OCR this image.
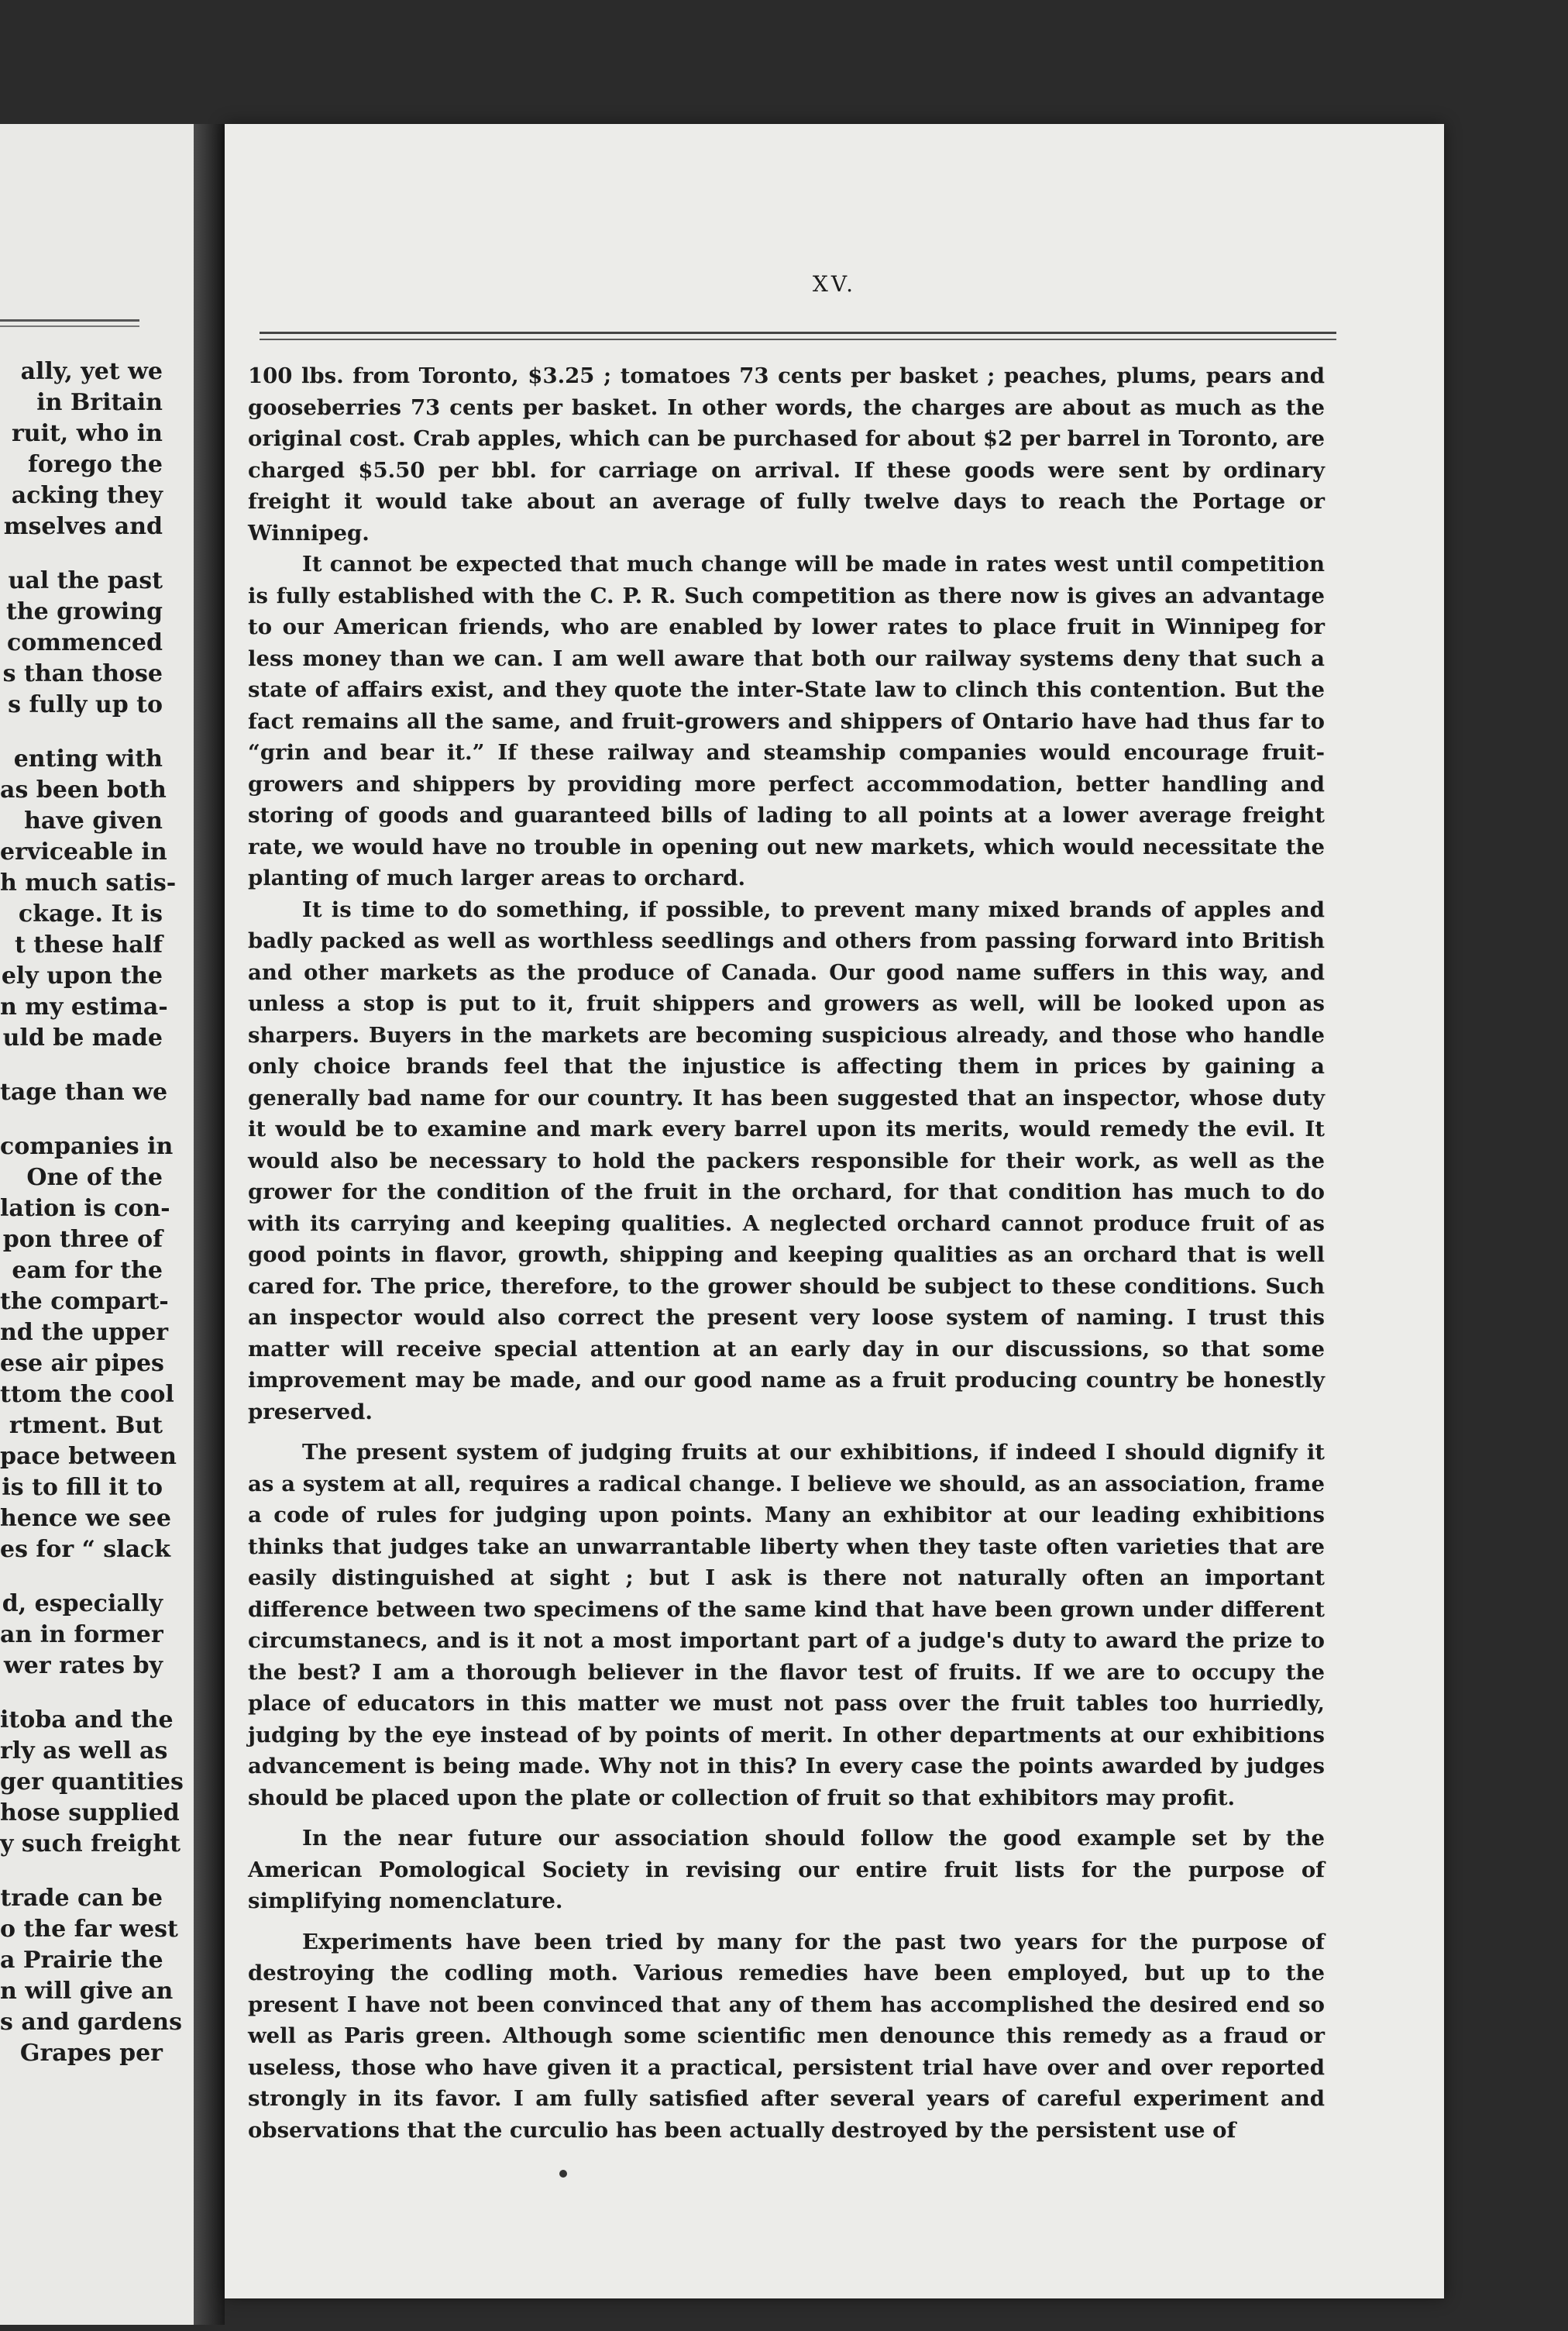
ally, yet we
in Britain
ruit, who in
forego the
acking they
mselves and
ual the past
the growing
commenced
s than those
s fully up to
enting with
as been both
have given
erviceable in
h much satis-
ckage. It is
t these half
ely upon the
n my estima-
uld be made
tage than we
companies in
One of the
lation is con-
pon three of
eam for the
the compart-
nd the upper
ese air pipes
ttom the cool
rtment. But
pace between
is to fill it to
hence we see
es for “ slack
d, especially
an in former
wer rates by
itoba and the
rly as well as
ger quantities
hose supplied
y such freight
trade can be
o the far west
a Prairie the
n will give an
s and gardens
Grapes per
XV.

100 lbs. from Toronto, $3.25 ; tomatoes 73 cents per basket ; peaches, plums, pears and gooseberries 73 cents per basket. In other words, the charges are about as much as the original cost. Crab apples, which can be purchased for about $2 per barrel in Toronto, are charged $5.50 per bbl. for carriage on arrival. If these goods were sent by ordinary freight it would take about an average of fully twelve days to reach the Portage or Winnipeg.

It cannot be expected that much change will be made in rates west until competition is fully established with the C. P. R. Such competition as there now is gives an advantage to our American friends, who are enabled by lower rates to place fruit in Winnipeg for less money than we can. I am well aware that both our railway systems deny that such a state of affairs exist, and they quote the inter-State law to clinch this contention. But the fact remains all the same, and fruit-growers and shippers of Ontario have had thus far to “grin and bear it.” If these railway and steamship companies would encourage fruit-growers and shippers by providing more perfect accommodation, better handling and storing of goods and guaranteed bills of lading to all points at a lower average freight rate, we would have no trouble in opening out new markets, which would necessitate the planting of much larger areas to orchard.

It is time to do something, if possible, to prevent many mixed brands of apples and badly packed as well as worthless seedlings and others from passing forward into British and other markets as the produce of Canada. Our good name suffers in this way, and unless a stop is put to it, fruit shippers and growers as well, will be looked upon as sharpers. Buyers in the markets are becoming suspicious already, and those who handle only choice brands feel that the injustice is affecting them in prices by gaining a generally bad name for our country. It has been suggested that an inspector, whose duty it would be to examine and mark every barrel upon its merits, would remedy the evil. It would also be necessary to hold the packers responsible for their work, as well as the grower for the condition of the fruit in the orchard, for that condition has much to do with its carrying and keeping qualities. A neglected orchard cannot produce fruit of as good points in flavor, growth, shipping and keeping qualities as an orchard that is well cared for. The price, therefore, to the grower should be subject to these conditions. Such an inspector would also correct the present very loose system of naming. I trust this matter will receive special attention at an early day in our discussions, so that some improvement may be made, and our good name as a fruit producing country be honestly preserved.

The present system of judging fruits at our exhibitions, if indeed I should dignify it as a system at all, requires a radical change. I believe we should, as an association, frame a code of rules for judging upon points. Many an exhibitor at our leading exhibitions thinks that judges take an unwarrantable liberty when they taste often varieties that are easily distinguished at sight ; but I ask is there not naturally often an important difference between two specimens of the same kind that have been grown under different circumstanecs, and is it not a most important part of a judge's duty to award the prize to the best? I am a thorough believer in the flavor test of fruits. If we are to occupy the place of educators in this matter we must not pass over the fruit tables too hurriedly, judging by the eye instead of by points of merit. In other departments at our exhibitions advancement is being made. Why not in this? In every case the points awarded by judges should be placed upon the plate or collection of fruit so that exhibitors may profit.

In the near future our association should follow the good example set by the American Pomological Society in revising our entire fruit lists for the purpose of simplifying nomenclature.

Experiments have been tried by many for the past two years for the purpose of destroying the codling moth. Various remedies have been employed, but up to the present I have not been convinced that any of them has accomplished the desired end so well as Paris green. Although some scientific men denounce this remedy as a fraud or useless, those who have given it a practical, persistent trial have over and over reported strongly in its favor. I am fully satisfied after several years of careful experiment and observations that the curculio has been actually destroyed by the persistent use of
